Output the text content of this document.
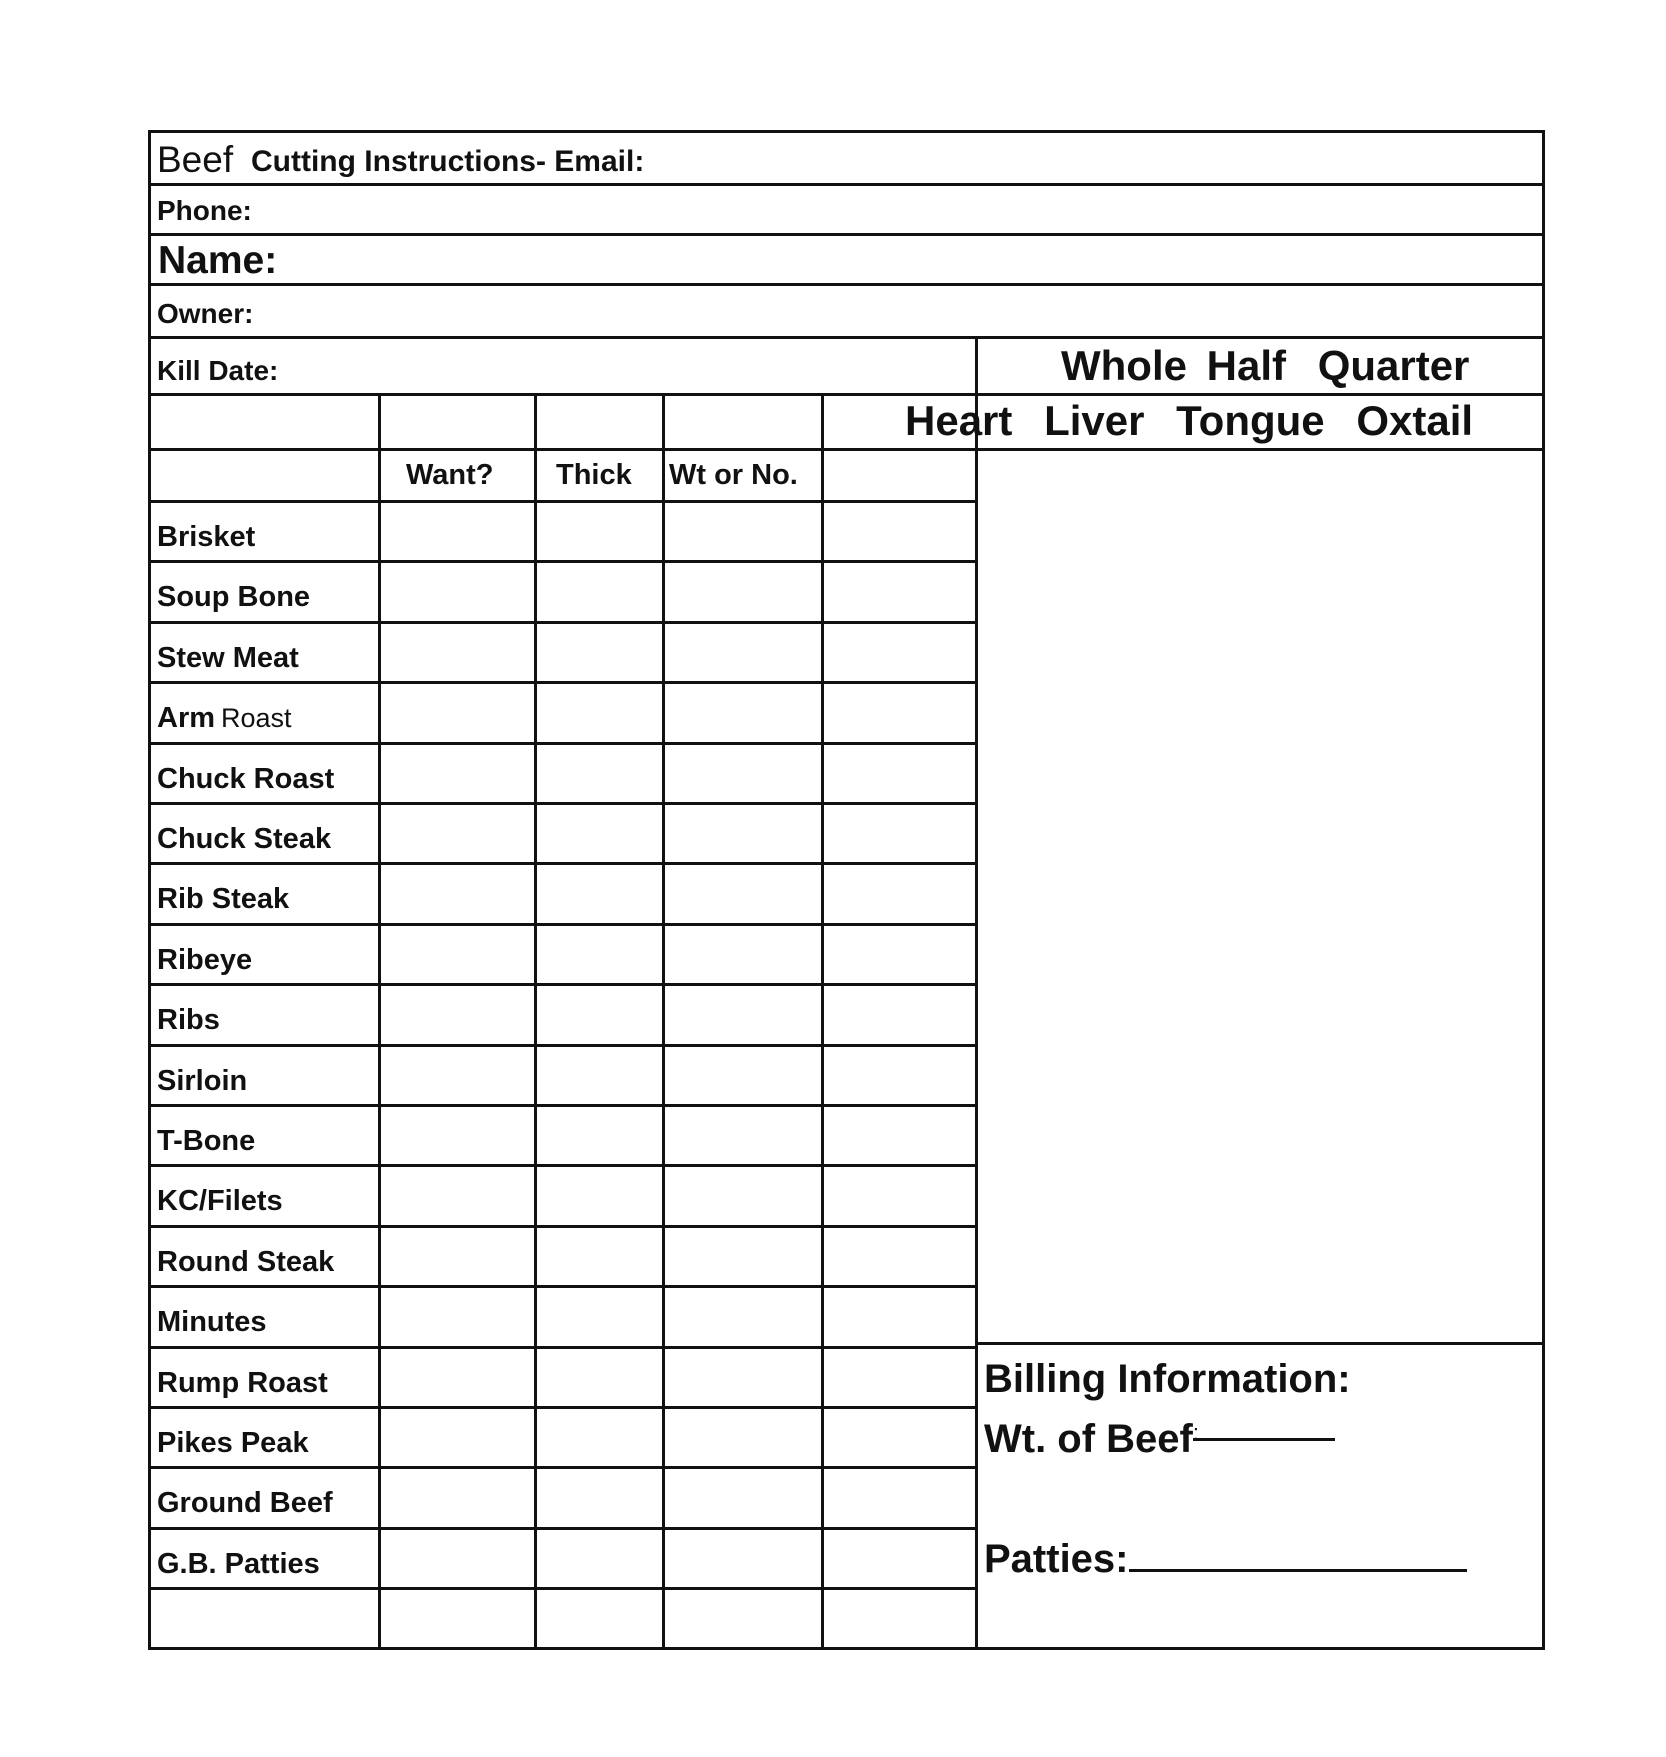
Beef Cutting Instructions- Email:
Phone:
Name:
Owner:
Kill Date:	Whole Half Quarter
Heart Liver Tongue Oxtail
Want? Thick Wt or No.
Brisket
Soup Bone
Stew Meat
Arm Roast
Chuck Roast
Chuck Steak
Rib Steak
Ribeye
Ribs
Sirloin
T-Bone
KC/Filets
Round Steak
Minutes
Rump Roast
Pikes Peak
Ground Beef
G.B. Patties
Billing Information:
Wt. of Beef:
Patties:
